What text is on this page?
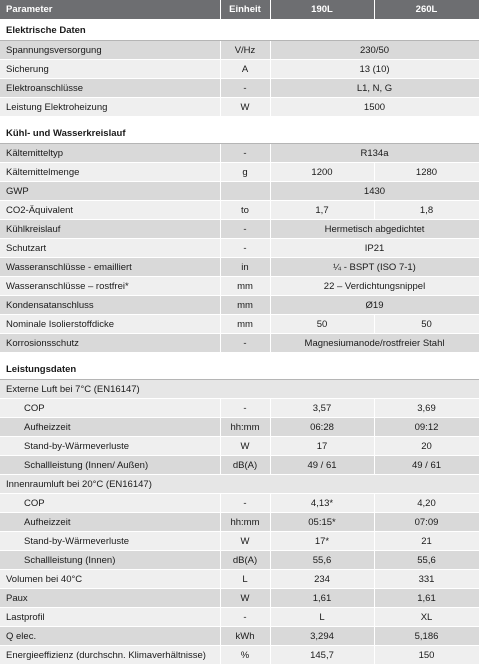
Parameter	Einheit	190L	260L
Elektrische Daten			
Spannungsversorgung	V/Hz	230/50	
Sicherung	A	13 (10)	
Elektroanschlüsse	-	L1, N, G	
Leistung Elektroheizung	W	1500	

Kühl- und Wasserkreislauf			
Kältemitteltyp	-	R134a	
Kältemittelmenge	g	1200	1280
GWP		1430	
CO2-Äquivalent	to	1,7	1,8
Kühlkreislauf	-	Hermetisch abgedichtet	
Schutzart	-	IP21	
Wasseranschlüsse - emailliert	in	¼ - BSPT (ISO 7-1)	
Wasseranschlüsse – rostfrei*	mm	22 – Verdichtungsnippel	
Kondensatanschluss	mm	Ø19	
Nominale Isolierstoffdicke	mm	50	50
Korrosionsschutz	-	Magnesiumanode/rostfreier Stahl	

Leistungsdaten			
Externe Luft bei 7°C (EN16147)			
COP	-	3,57	3,69
Aufheizzeit	hh:mm	06:28	09:12
Stand-by-Wärmeverluste	W	17	20
Schallleistung (Innen/ Außen)	dB(A)	49 / 61	49 / 61
Innenraumluft bei 20°C (EN16147)			
COP	-	4,13*	4,20
Aufheizzeit	hh:mm	05:15*	07:09
Stand-by-Wärmeverluste	W	17*	21
Schallleistung (Innen)	dB(A)	55,6	55,6
Volumen bei 40°C	L	234	331
Paux	W	1,61	1,61
Lastprofil	-	L	XL
Q elec.	kWh	3,294	5,186
Energieeffizienz (durchschn. Klimaverhältnisse)	%	145,7	150
